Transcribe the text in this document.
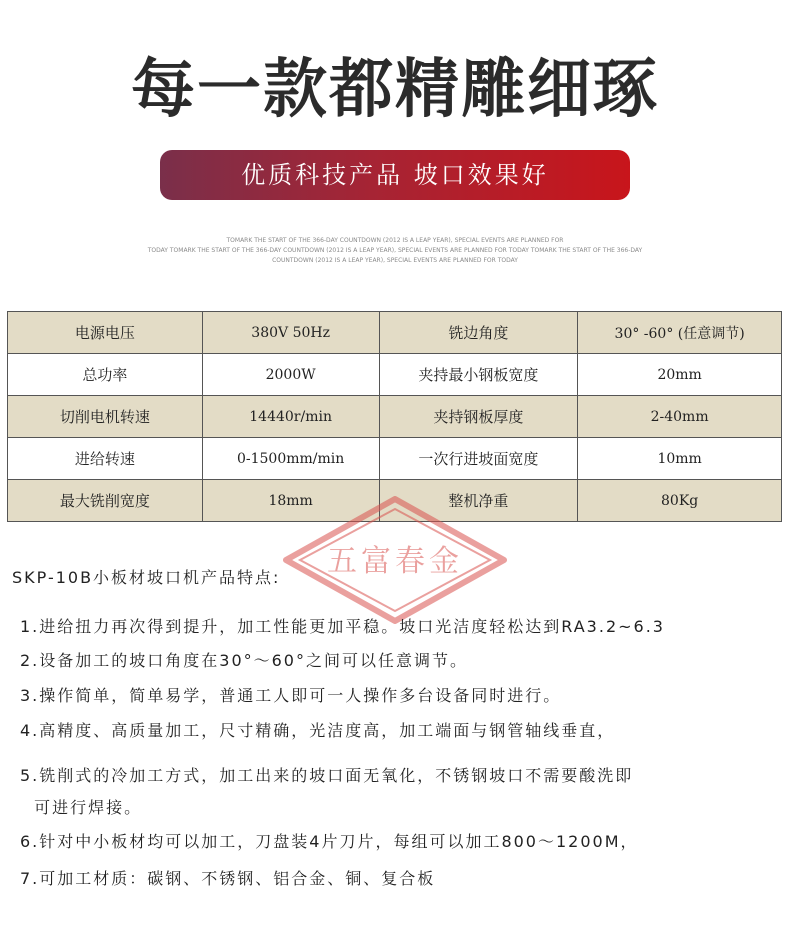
每一款都精雕细琢
优质科技产品 坡口效果好
TOMARK THE START OF THE 366-DAY COUNTDOWN (2012 IS A LEAP YEAR), SPECIAL EVENTS ARE PLANNED FOR
TODAY TOMARK THE START OF THE 366-DAY COUNTDOWN (2012 IS A LEAP YEAR), SPECIAL EVENTS ARE PLANNED FOR TODAY TOMARK THE START OF THE 366-DAY
COUNTDOWN (2012 IS A LEAP YEAR), SPECIAL EVENTS ARE PLANNED FOR TODAY
电源电压	380V 50Hz	铣边角度	30° -60° (任意调节)
总功率	2000W	夹持最小钢板宽度	20mm
切削电机转速	14440r/min	夹持钢板厚度	2-40mm
进给转速	0-1500mm/min	一次行进坡面宽度	10mm
最大铣削宽度	18mm	整机净重	80Kg
五富春金
SKP-10B小板材坡口机产品特点:
1.进给扭力再次得到提升，加工性能更加平稳。坡口光洁度轻松达到RA3.2~6.3
2.设备加工的坡口角度在30°～60°之间可以任意调节。
3.操作简单，简单易学，普通工人即可一人操作多台设备同时进行。
4.高精度、高质量加工，尺寸精确，光洁度高，加工端面与钢管轴线垂直，
5.铣削式的冷加工方式，加工出来的坡口面无氧化，不锈钢坡口不需要酸洗即
可进行焊接。
6.针对中小板材均可以加工，刀盘装4片刀片，每组可以加工800～1200M，
7.可加工材质：碳钢、不锈钢、铝合金、铜、复合板
